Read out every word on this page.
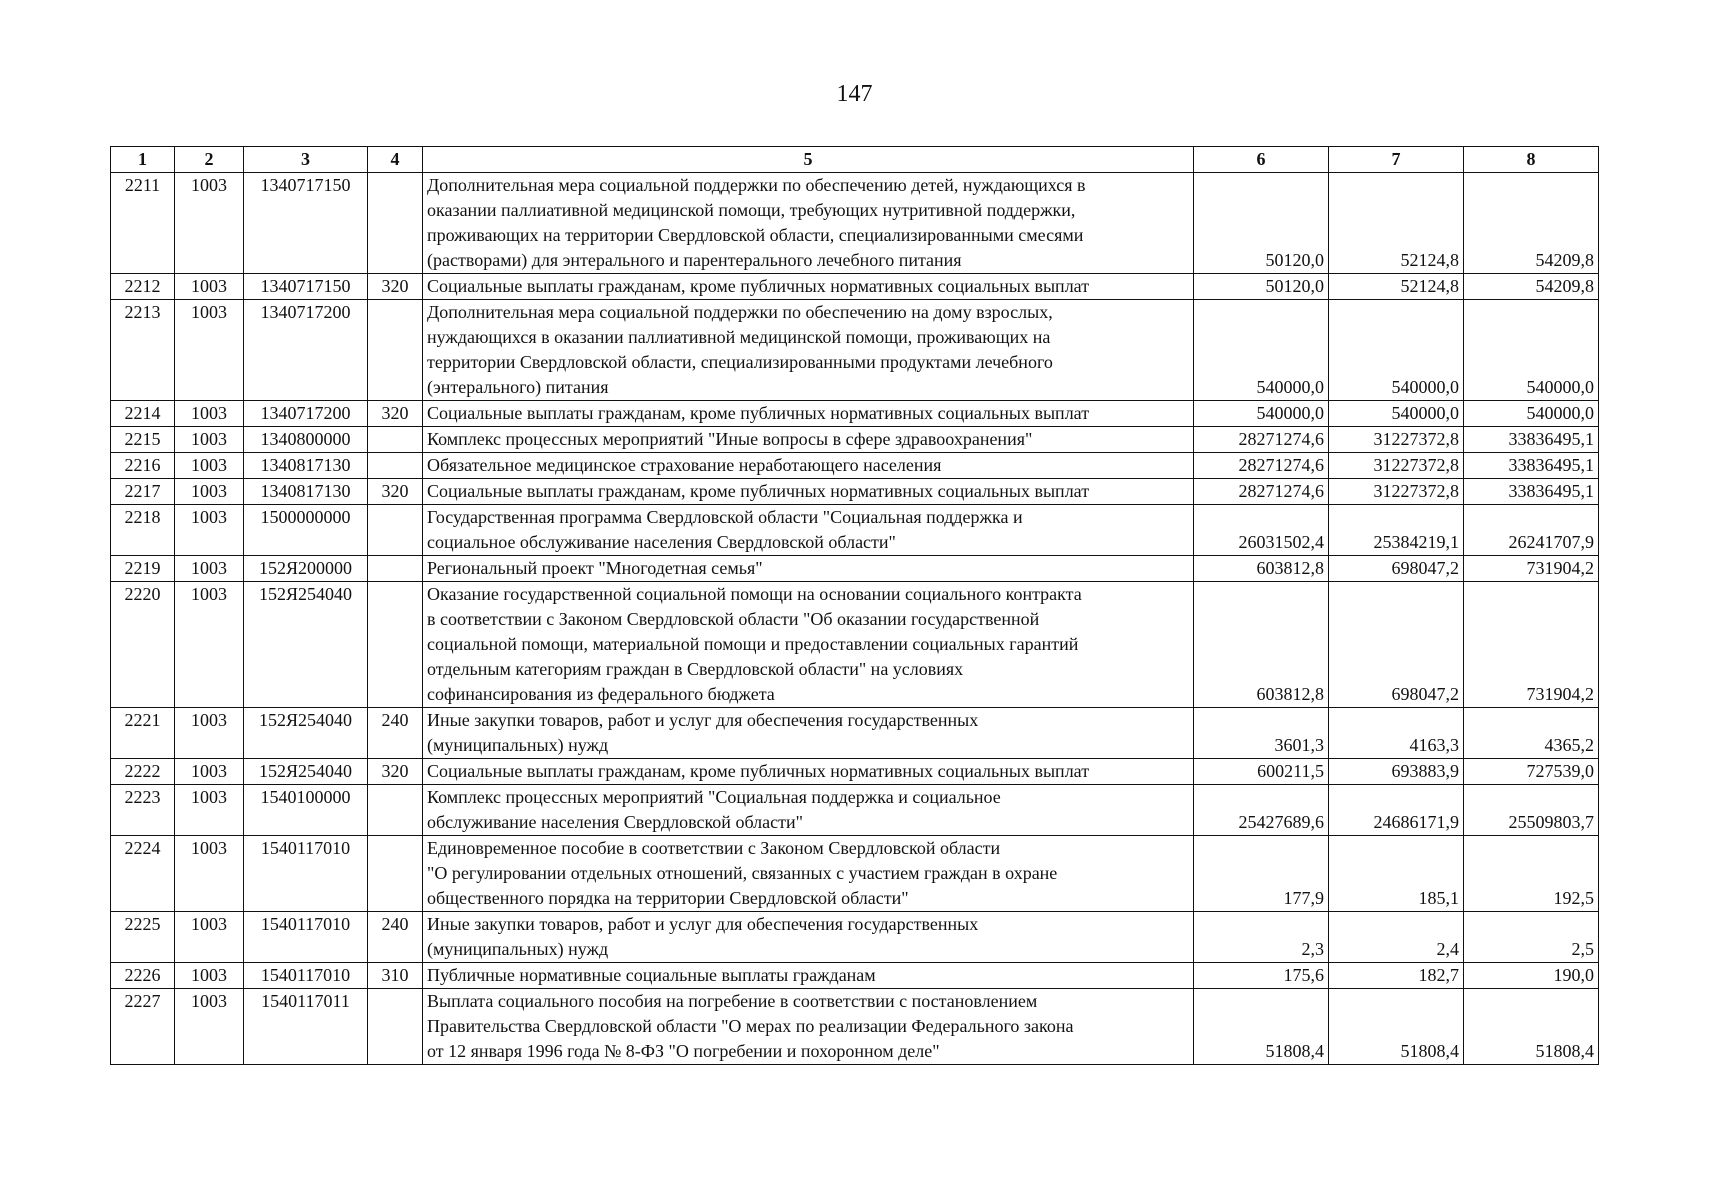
147
1	2	3	4	5	6	7	8
2211	1003	1340717150		Дополнительная мера социальной поддержки по обеспечению детей, нуждающихся в
оказании паллиативной медицинской помощи, требующих нутритивной поддержки,
проживающих на территории Свердловской области, специализированными смесями
(растворами) для энтерального и парентерального лечебного питания	50120,0	52124,8	54209,8
2212	1003	1340717150	320	Социальные выплаты гражданам, кроме публичных нормативных социальных выплат	50120,0	52124,8	54209,8
2213	1003	1340717200		Дополнительная мера социальной поддержки по обеспечению на дому взрослых,
нуждающихся в оказании паллиативной медицинской помощи, проживающих на
территории Свердловской области, специализированными продуктами лечебного
(энтерального) питания	540000,0	540000,0	540000,0
2214	1003	1340717200	320	Социальные выплаты гражданам, кроме публичных нормативных социальных выплат	540000,0	540000,0	540000,0
2215	1003	1340800000		Комплекс процессных мероприятий "Иные вопросы в сфере здравоохранения"	28271274,6	31227372,8	33836495,1
2216	1003	1340817130		Обязательное медицинское страхование неработающего населения	28271274,6	31227372,8	33836495,1
2217	1003	1340817130	320	Социальные выплаты гражданам, кроме публичных нормативных социальных выплат	28271274,6	31227372,8	33836495,1
2218	1003	1500000000		Государственная программа Свердловской области "Социальная поддержка и
социальное обслуживание населения Свердловской области"	26031502,4	25384219,1	26241707,9
2219	1003	152Я200000		Региональный проект "Многодетная семья"	603812,8	698047,2	731904,2
2220	1003	152Я254040		Оказание государственной социальной помощи на основании социального контракта
в соответствии с Законом Свердловской области "Об оказании государственной
социальной помощи, материальной помощи и предоставлении социальных гарантий
отдельным категориям граждан в Свердловской области" на условиях
софинансирования из федерального бюджета	603812,8	698047,2	731904,2
2221	1003	152Я254040	240	Иные закупки товаров, работ и услуг для обеспечения государственных
(муниципальных) нужд	3601,3	4163,3	4365,2
2222	1003	152Я254040	320	Социальные выплаты гражданам, кроме публичных нормативных социальных выплат	600211,5	693883,9	727539,0
2223	1003	1540100000		Комплекс процессных мероприятий "Социальная поддержка и социальное
обслуживание населения Свердловской области"	25427689,6	24686171,9	25509803,7
2224	1003	1540117010		Единовременное пособие в соответствии с Законом Свердловской области
"О регулировании отдельных отношений, связанных с участием граждан в охране
общественного порядка на территории Свердловской области"	177,9	185,1	192,5
2225	1003	1540117010	240	Иные закупки товаров, работ и услуг для обеспечения государственных
(муниципальных) нужд	2,3	2,4	2,5
2226	1003	1540117010	310	Публичные нормативные социальные выплаты гражданам	175,6	182,7	190,0
2227	1003	1540117011		Выплата социального пособия на погребение в соответствии с постановлением
Правительства Свердловской области "О мерах по реализации Федерального закона
от 12 января 1996 года № 8-ФЗ "О погребении и похоронном деле"	51808,4	51808,4	51808,4
